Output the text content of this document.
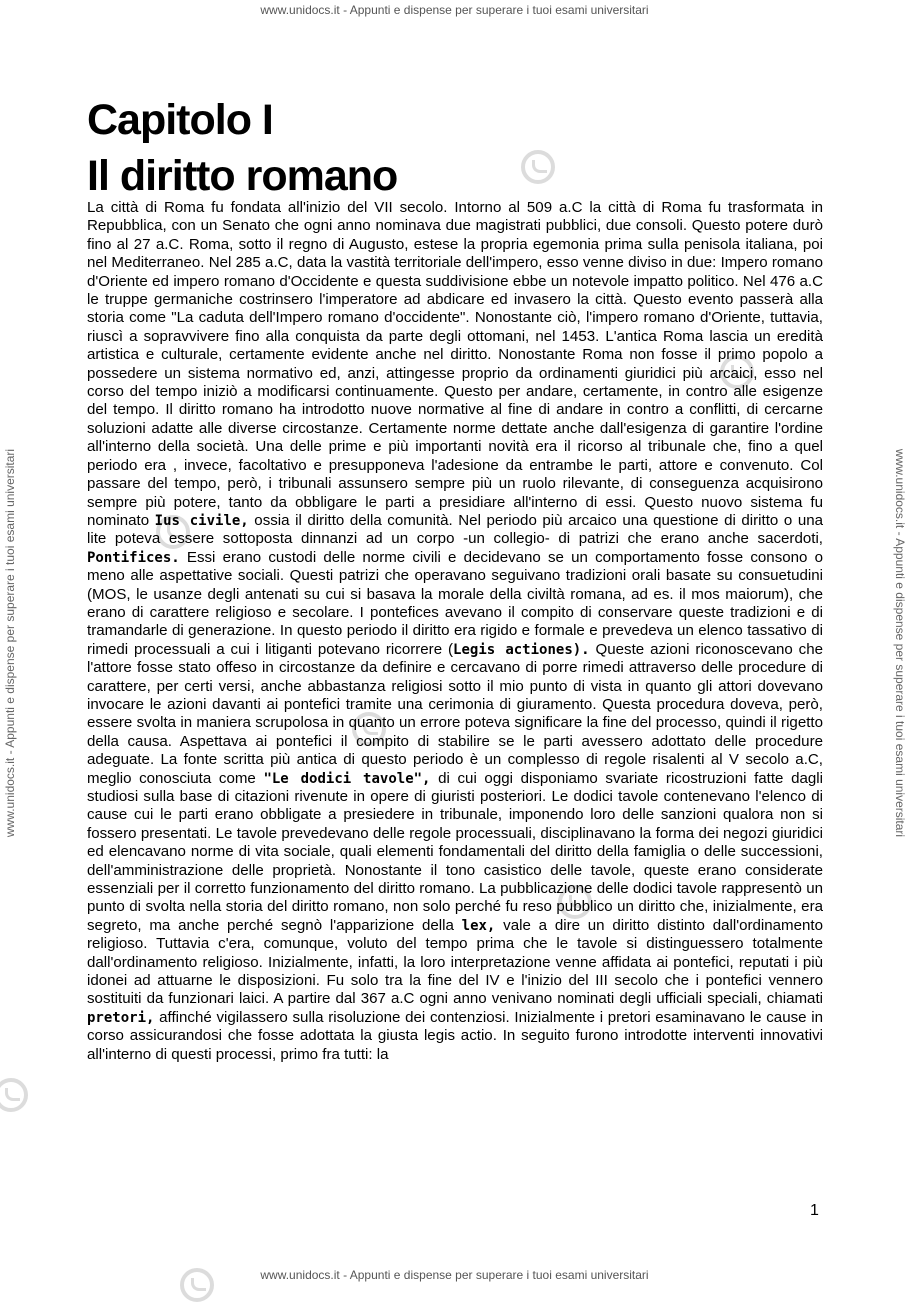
www.unidocs.it - Appunti e dispense per superare i tuoi esami universitari
www.unidocs.it - Appunti e dispense per superare i tuoi esami universitari	www.unidocs.it - Appunti e dispense per superare i tuoi esami universitari
Capitolo I
Il diritto romano

La città di Roma fu fondata all'inizio del VII secolo. Intorno al 509 a.C la città di Roma fu trasformata in Repubblica, con un Senato che ogni anno nominava due magistrati pubblici, due consoli. Questo potere durò fino al 27 a.C. Roma, sotto il regno di Augusto, estese la propria egemonia prima sulla penisola italiana, poi nel Mediterraneo. Nel 285 a.C, data la vastità territoriale dell'impero, esso venne diviso in due: Impero romano d'Oriente ed impero romano d'Occidente e questa suddivisione ebbe un notevole impatto politico. Nel 476 a.C le truppe germaniche costrinsero l'imperatore ad abdicare ed invasero la città. Questo evento passerà alla storia come "La caduta dell'Impero romano d'occidente". Nonostante ciò, l'impero romano d'Oriente, tuttavia, riuscì a sopravvivere fino alla conquista da parte degli ottomani, nel 1453. L'antica Roma lascia un eredità artistica e culturale, certamente evidente anche nel diritto. Nonostante Roma non fosse il primo popolo a possedere un sistema normativo ed, anzi, attingesse proprio da ordinamenti giuridici più arcaici, esso nel corso del tempo iniziò a modificarsi continuamente. Questo per andare, certamente, in contro alle esigenze del tempo. Il diritto romano ha introdotto nuove normative al fine di andare in contro a conflitti, di cercarne soluzioni adatte alle diverse circostanze. Certamente norme dettate anche dall'esigenza di garantire l'ordine all'interno della società. Una delle prime e più importanti novità era il ricorso al tribunale che, fino a quel periodo era , invece, facoltativo e presupponeva l'adesione da entrambe le parti, attore e convenuto. Col passare del tempo, però, i tribunali assunsero sempre più un ruolo rilevante, di conseguenza acquisirono sempre più potere, tanto da obbligare le parti a presidiare all'interno di essi. Questo nuovo sistema fu nominato Ius civile, ossia il diritto della comunità. Nel periodo più arcaico una questione di diritto o una lite poteva essere sottoposta dinnanzi ad un corpo -un collegio- di patrizi che erano anche sacerdoti, Pontifices. Essi erano custodi delle norme civili e decidevano se un comportamento fosse consono o meno alle aspettative sociali. Questi patrizi che operavano seguivano tradizioni orali basate su consuetudini (MOS, le usanze degli antenati su cui si basava la morale della civiltà romana, ad es. il mos maiorum), che erano di carattere religioso e secolare. I pontefices avevano il compito di conservare queste tradizioni e di tramandarle di generazione. In questo periodo il diritto era rigido e formale e prevedeva un elenco tassativo di rimedi processuali a cui i litiganti potevano ricorrere (Legis actiones). Queste azioni riconoscevano che l'attore fosse stato offeso in circostanze da definire e cercavano di porre rimedi attraverso delle procedure di carattere, per certi versi, anche abbastanza religiosi sotto il mio punto di vista in quanto gli attori dovevano invocare le azioni davanti ai pontefici tramite una cerimonia di giuramento. Questa procedura doveva, però, essere svolta in maniera scrupolosa in quanto un errore poteva significare la fine del processo, quindi il rigetto della causa. Aspettava ai pontefici il compito di stabilire se le parti avessero adottato delle procedure adeguate. La fonte scritta più antica di questo periodo è un complesso di regole risalenti al V secolo a.C, meglio conosciuta come "Le dodici tavole", di cui oggi disponiamo svariate ricostruzioni fatte dagli studiosi sulla base di citazioni rivenute in opere di giuristi posteriori. Le dodici tavole contenevano l'elenco di cause cui le parti erano obbligate a presiedere in tribunale, imponendo loro delle sanzioni qualora non si fossero presentati. Le tavole prevedevano delle regole processuali, disciplinavano la forma dei negozi giuridici ed elencavano norme di vita sociale, quali elementi fondamentali del diritto della famiglia o delle successioni, dell'amministrazione delle proprietà. Nonostante il tono casistico delle tavole, queste erano considerate essenziali per il corretto funzionamento del diritto romano. La pubblicazione delle dodici tavole rappresentò un punto di svolta nella storia del diritto romano, non solo perché fu reso pubblico un diritto che, inizialmente, era segreto, ma anche perché segnò l'apparizione della lex, vale a dire un diritto distinto dall'ordinamento religioso. Tuttavia c'era, comunque, voluto del tempo prima che le tavole si distinguessero totalmente dall'ordinamento religioso. Inizialmente, infatti, la loro interpretazione venne affidata ai pontefici, reputati i più idonei ad attuarne le disposizioni. Fu solo tra la fine del IV e l'inizio del III secolo che i pontefici vennero sostituiti da funzionari laici. A partire dal 367 a.C ogni anno venivano nominati degli ufficiali speciali, chiamati pretori, affinché vigilassero sulla risoluzione dei contenziosi. Inizialmente i pretori esaminavano le cause in corso assicurandosi che fosse adottata la giusta legis actio. In seguito furono introdotte interventi innovativi all'interno di questi processi, primo fra tutti: la

1
www.unidocs.it - Appunti e dispense per superare i tuoi esami universitari
